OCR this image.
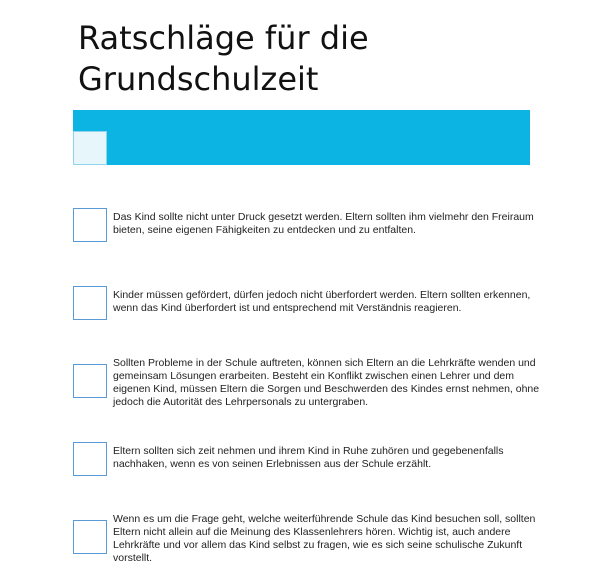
Ratschläge für die Grundschulzeit

Das Kind sollte nicht unter Druck gesetzt werden. Eltern sollten ihm vielmehr den Freiraum bieten, seine eigenen Fähigkeiten zu entdecken und zu entfalten.

Kinder müssen gefördert, dürfen jedoch nicht überfordert werden. Eltern sollten erkennen, wenn das Kind überfordert ist und entsprechend mit Verständnis reagieren.

Sollten Probleme in der Schule auftreten, können sich Eltern an die Lehrkräfte wenden und gemeinsam Lösungen erarbeiten. Besteht ein Konflikt zwischen einen Lehrer und dem eigenen Kind, müssen Eltern die Sorgen und Beschwerden des Kindes ernst nehmen, ohne jedoch die Autorität des Lehrpersonals zu untergraben.

Eltern sollten sich zeit nehmen und ihrem Kind in Ruhe zuhören und gegebenenfalls nachhaken, wenn es von seinen Erlebnissen aus der Schule erzählt.

Wenn es um die Frage geht, welche weiterführende Schule das Kind besuchen soll, sollten Eltern nicht allein auf die Meinung des Klassenlehrers hören. Wichtig ist, auch andere Lehrkräfte und vor allem das Kind selbst zu fragen, wie es sich seine schulische Zukunft vorstellt.
